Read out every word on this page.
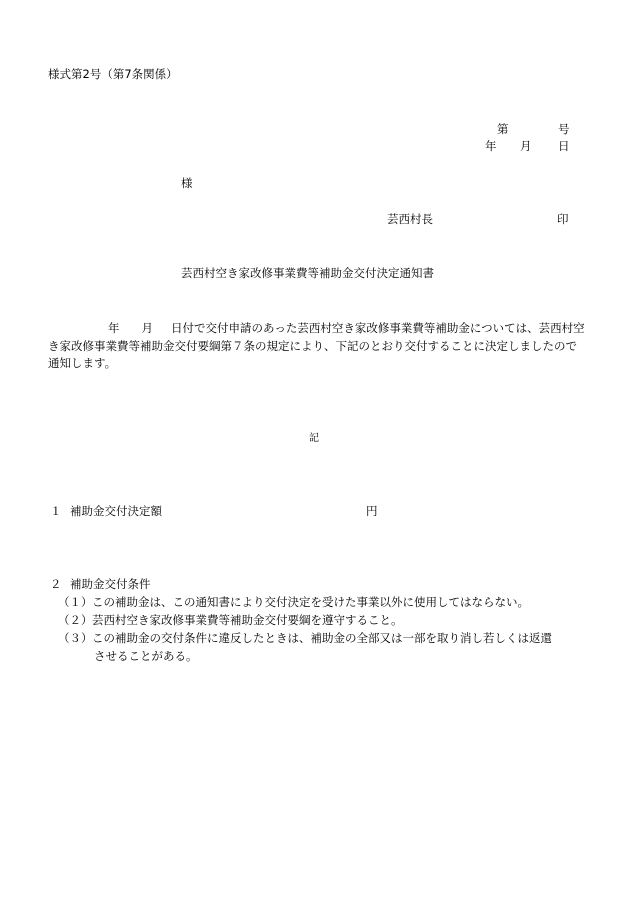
様式第2号（第7条関係）
第	号
年 月 日
様
芸西村長	印
芸西村空き家改修事業費等補助金交付決定通知書
年 月 日付で交付申請のあった芸西村空き家改修事業費等補助金については、芸西村空き家改修事業費等補助金交付要綱第７条の規定により、下記のとおり交付することに決定しましたので通知します。
記
１ 補助金交付決定額	円
２ 補助金交付条件
（１）この補助金は、この通知書により交付決定を受けた事業以外に使用してはならない。
（２）芸西村空き家改修事業費等補助金交付要綱を遵守すること。
（３）この補助金の交付条件に違反したときは、補助金の全部又は一部を取り消し若しくは返還
させることがある。
